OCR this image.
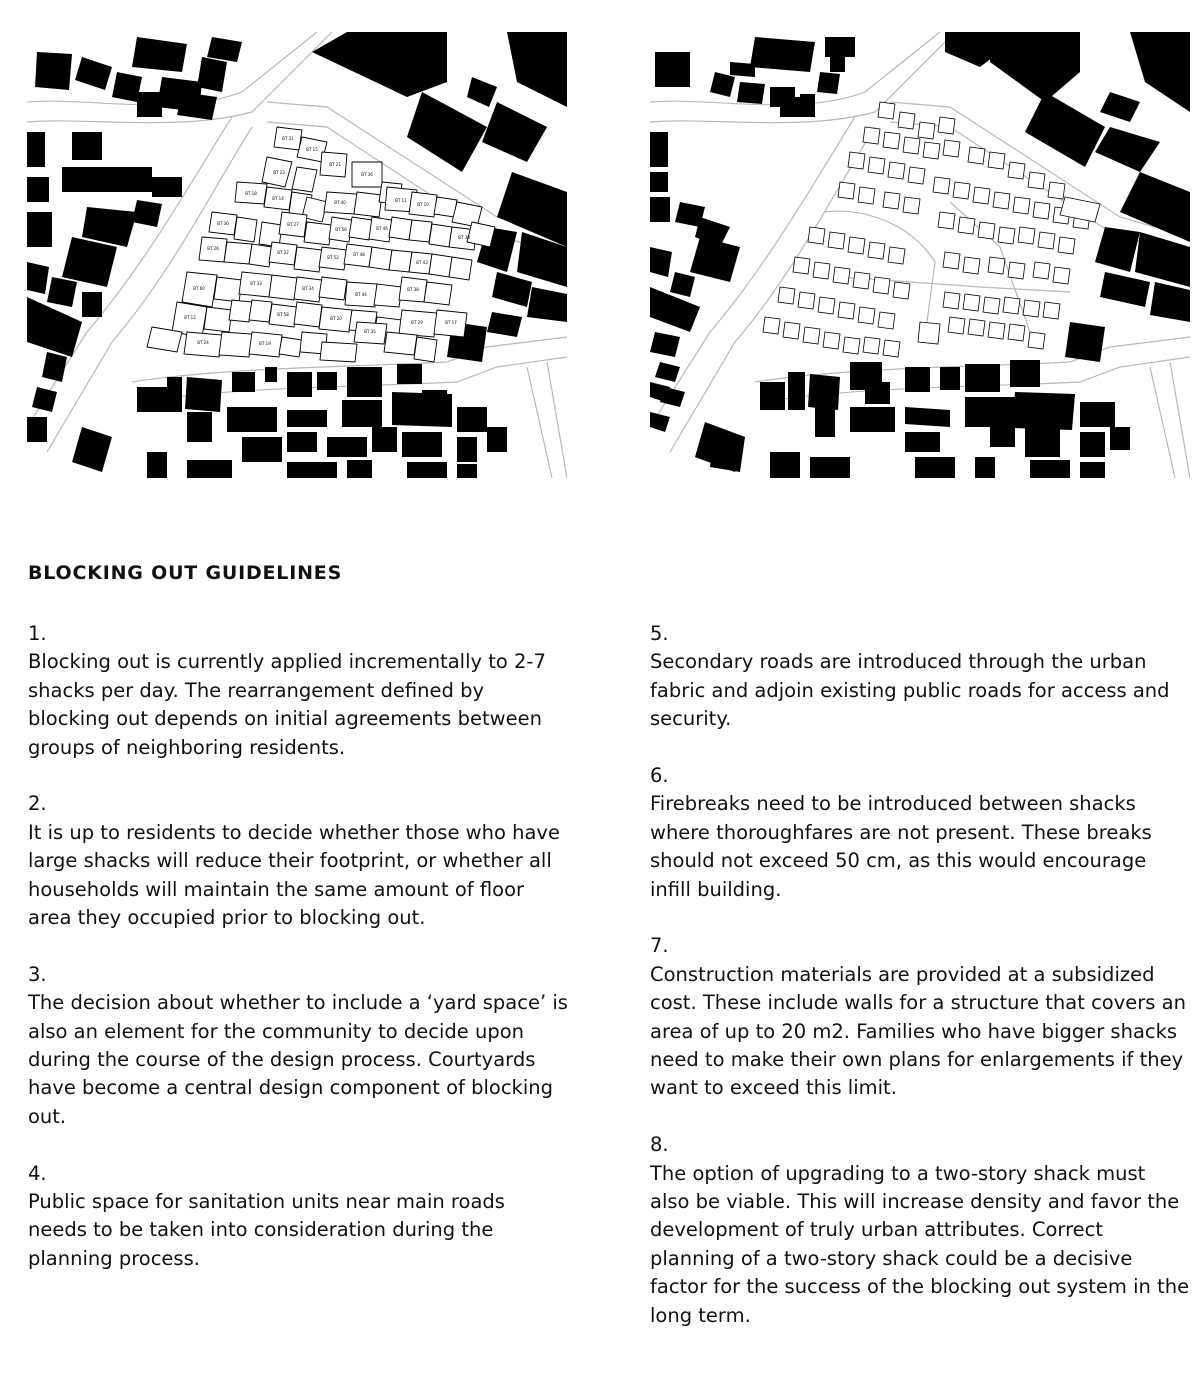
BT 31
BT 15
BT 23
BT 21
BT 36
BT 18
BT 14
BT 40	BT 11
BT 10
BT 30	BT 27
BT 56	BT 46
BT 39
BT 26
BT 22
BT 52
BT 48
BT 43
BT 60
BT 33
BT 34
BT 44
BT 38
BT 12
BT 58
BT 20
BT 29	BT 17
BT 24	BT 19
BT 35
BLOCKING OUT GUIDELINES
1.
Blocking out is currently applied incrementally to 2-7 shacks per day. The rearrangement defined by blocking out depends on initial agreements between groups of neighboring residents.
2.
It is up to residents to decide whether those who have large shacks will reduce their footprint, or whether all households will maintain the same amount of floor area they occupied prior to blocking out.
3.
The decision about whether to include a ‘yard space’ is also an element for the community to decide upon during the course of the design process. Courtyards have become a central design component of blocking out.
4.
Public space for sanitation units near main roads needs to be taken into consideration during the planning process.
5.
Secondary roads are introduced through the urban fabric and adjoin existing public roads for access and security.
6.
Firebreaks need to be introduced between shacks where thoroughfares are not present. These breaks should not exceed 50 cm, as this would encourage infill building.
7.
Construction materials are provided at a subsidized cost. These include walls for a structure that covers an area of up to 20 m2. Families who have bigger shacks need to make their own plans for enlargements if they want to exceed this limit.
8.
The option of upgrading to a two-story shack must also be viable. This will increase density and favor the development of truly urban attributes. Correct planning of a two-story shack could be a decisive factor for the success of the blocking out system in the long term.
